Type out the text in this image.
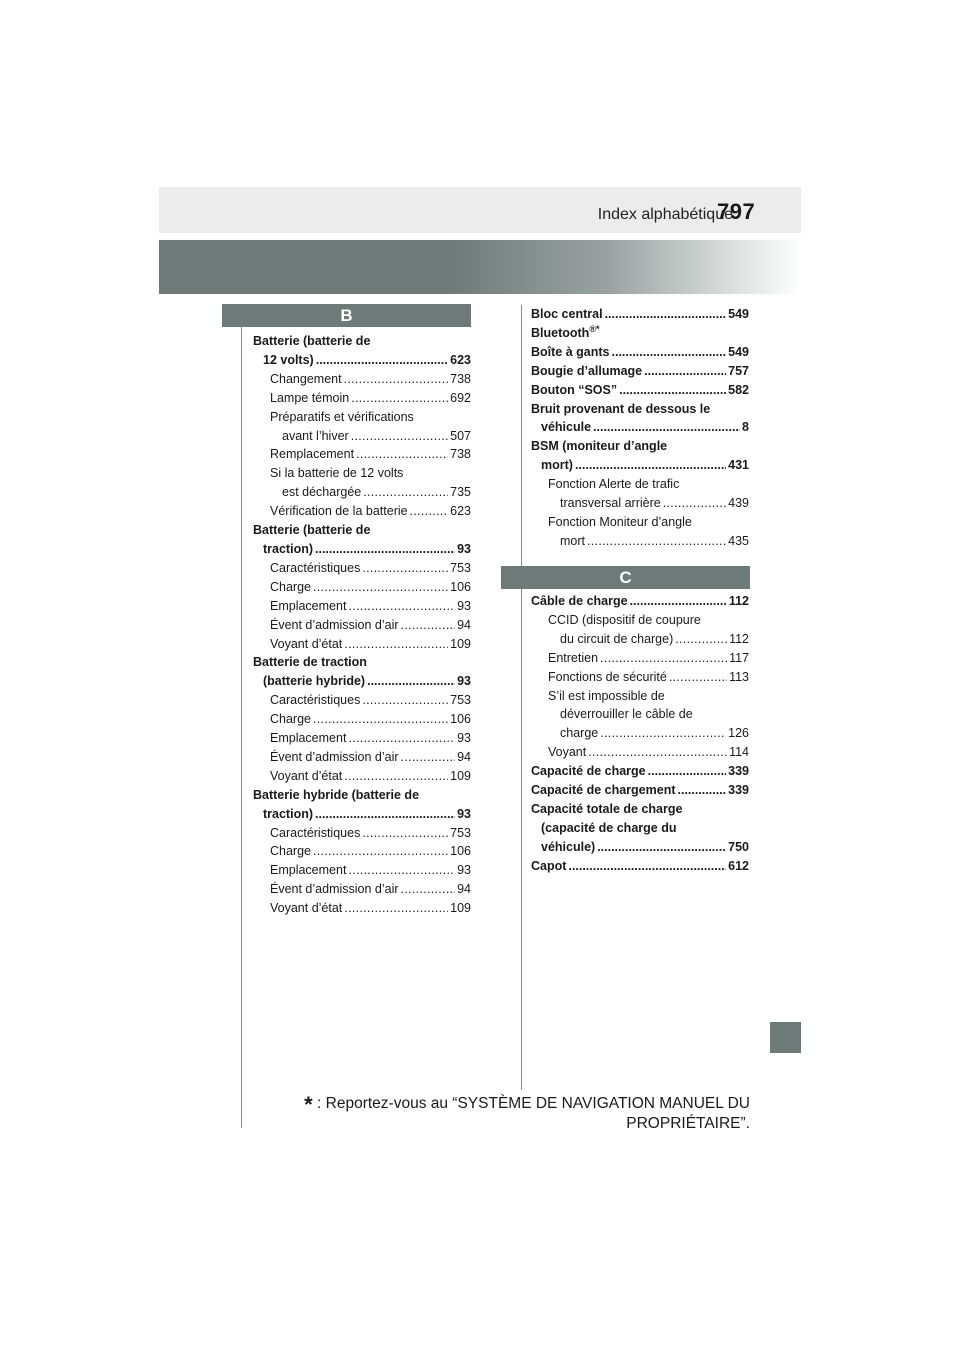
Index alphabétique
797
B
Batterie (batterie de
12 volts) .....	623
Changement .....	738
Lampe témoin .....	692
Préparatifs et vérifications
avant l’hiver .....	507
Remplacement .....	738
Si la batterie de 12 volts
est déchargée .....	735
Vérification de la batterie .....	623
Batterie (batterie de
traction) .....	93
Caractéristiques .....	753
Charge .....	106
Emplacement .....	93
Évent d’admission d’air .....	94
Voyant d’état .....	109
Batterie de traction
(batterie hybride) .....	93
Caractéristiques .....	753
Charge .....	106
Emplacement .....	93
Évent d’admission d’air .....	94
Voyant d’état .....	109
Batterie hybride (batterie de
traction) .....	93
Caractéristiques .....	753
Charge .....	106
Emplacement .....	93
Évent d’admission d’air .....	94
Voyant d’état .....	109
Bloc central .....	549
Bluetooth®*
Boîte à gants .....	549
Bougie d’allumage .....	757
Bouton “SOS” .....	582
Bruit provenant de dessous le
véhicule .....	8
BSM (moniteur d’angle
mort) .....	431
Fonction Alerte de trafic
transversal arrière .....	439
Fonction Moniteur d’angle
mort .....	435
C
Câble de charge .....	112
CCID (dispositif de coupure
du circuit de charge) .....	112
Entretien .....	117
Fonctions de sécurité .....	113
S’il est impossible de
déverrouiller le câble de
charge .....	126
Voyant .....	114
Capacité de charge .....	339
Capacité de chargement .....	339
Capacité totale de charge
(capacité de charge du
véhicule) .....	750
Capot .....	612
* : Reportez-vous au “SYSTÈME DE NAVIGATION MANUEL DU
PROPRIÉTAIRE”.
